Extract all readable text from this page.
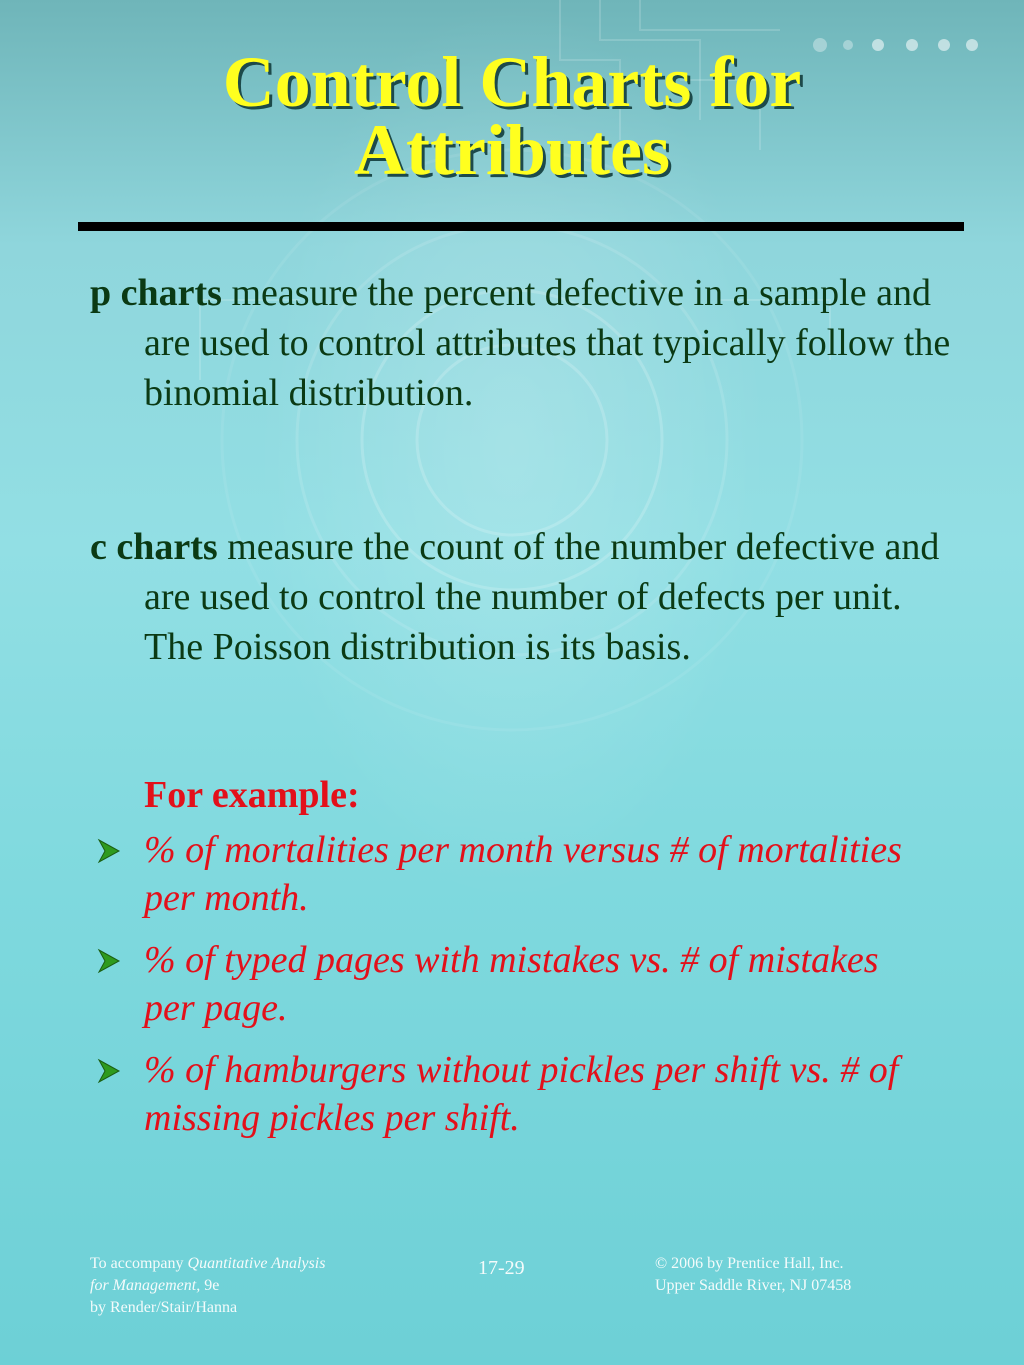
Control Charts for
Attributes
p charts measure the percent defective in a sample and are used to control attributes that typically follow the binomial distribution.
c charts measure the count of the number defective and are used to control the number of defects per unit. The Poisson distribution is its basis.
For example:
% of mortalities per month versus # of mortalities per month.
% of typed pages with mistakes vs. # of mistakes per page.
% of hamburgers without pickles per shift vs. # of missing pickles per shift.
To accompany Quantitative Analysis
for Management, 9e
by Render/Stair/Hanna
17-29	© 2006 by Prentice Hall, Inc.
Upper Saddle River, NJ 07458
